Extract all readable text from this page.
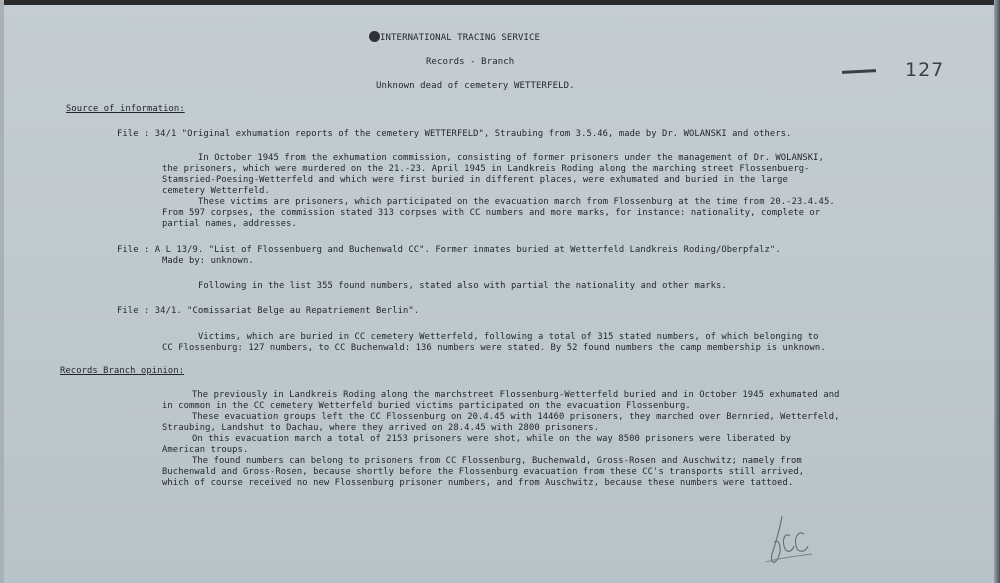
INTERNATIONAL TRACING SERVICE
Records - Branch
Unknown dead of cemetery WETTERFELD.
127
Source of information:
File : 34/1 "Original exhumation reports of the cemetery WETTERFELD", Straubing from 3.5.46, made by Dr. WOLANSKI and others.
In October 1945 from the exhumation commission, consisting of former prisoners under the management of Dr. WOLANSKI,
the prisoners, which were murdered on the 21.-23. April 1945 in Landkreis Roding along the marching street Flossenbuerg-
Stamsried-Poesing-Wetterfeld and which were first buried in different places, were exhumated and buried in the large
cemetery Wetterfeld.
These victims are prisoners, which participated on the evacuation march from Flossenburg at the time from 20.-23.4.45.
From 597 corpses, the commission stated 313 corpses with CC numbers and more marks, for instance: nationality, complete or
partial names, addresses.
File : A L 13/9. "List of Flossenbuerg and Buchenwald CC". Former inmates buried at Wetterfeld Landkreis Roding/Oberpfalz".
Made by: unknown.
Following in the list 355 found numbers, stated also with partial the nationality and other marks.
File : 34/1. "Comissariat Belge au Repatriement Berlin".
Victims, which are buried in CC cemetery Wetterfeld, following a total of 315 stated numbers, of which belonging to
CC Flossenburg: 127 numbers, to CC Buchenwald: 136 numbers were stated. By 52 found numbers the camp membership is unknown.
Records Branch opinion:
The previously in Landkreis Roding along the marchstreet Flossenburg-Wetterfeld buried and in October 1945 exhumated and
in common in the CC cemetery Wetterfeld buried victims participated on the evacuation Flossenburg.
These evacuation groups left the CC Flossenburg on 20.4.45 with 14460 prisoners, they marched over Bernried, Wetterfeld,
Straubing, Landshut to Dachau, where they arrived on 28.4.45 with 2800 prisoners.
On this evacuation march a total of 2153 prisoners were shot, while on the way 8500 prisoners were liberated by
American troups.
The found numbers can belong to prisoners from CC Flossenburg, Buchenwald, Gross-Rosen and Auschwitz; namely from
Buchenwald and Gross-Rosen, because shortly before the Flossenburg evacuation from these CC's transports still arrived,
which of course received no new Flossenburg prisoner numbers, and from Auschwitz, because these numbers were tattoed.
